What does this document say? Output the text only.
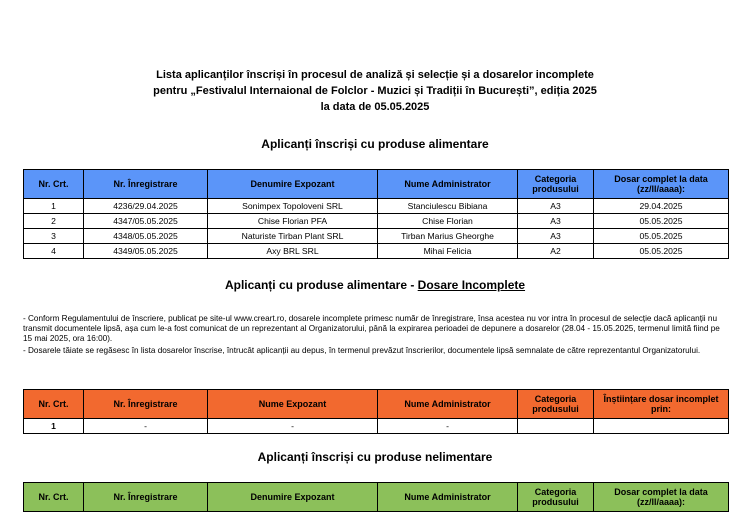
Lista aplicanților înscriși în procesul de analiză și selecție și a dosarelor incomplete
pentru „Festivalul Internaional de Folclor - Muzici și Tradiții în București”, ediția 2025
la data de 05.05.2025
Aplicanți înscriși cu produse alimentare
Nr. Crt.	Nr. Înregistrare	Denumire Expozant	Nume Administrator	Categoria produsului	Dosar complet la data (zz/ll/aaaa):
1	4236/29.04.2025	Sonimpex Topoloveni SRL	Stanciulescu Bibiana	A3	29.04.2025
2	4347/05.05.2025	Chise Florian PFA	Chise Florian	A3	05.05.2025
3	4348/05.05.2025	Naturiste Tirban Plant SRL	Tirban Marius Gheorghe	A3	05.05.2025
4	4349/05.05.2025	Axy BRL SRL	Mihai Felicia	A2	05.05.2025
Aplicanți cu produse alimentare - Dosare Incomplete

- Conform Regulamentului de înscriere, publicat pe site-ul www.creart.ro, dosarele incomplete primesc număr de înregistrare, însa acestea nu vor intra în procesul de selecție dacă aplicanții nu transmit documentele lipsă, așa cum le-a fost comunicat de un reprezentant al Organizatorului, până la expirarea perioadei de depunere a dosarelor (28.04 - 15.05.2025, termenul limită fiind pe 15 mai 2025, ora 16:00).

- Dosarele tăiate se regăsesc în lista dosarelor înscrise, întrucât aplicanții au depus, în termenul prevăzut înscrierilor, documentele lipsă semnalate de către reprezentantul Organizatorului.

Nr. Crt.	Nr. Înregistrare	Nume Expozant	Nume Administrator	Categoria produsului	Înștiințare dosar incomplet prin:
1	-	-	-		
Aplicanți înscriși cu produse nelimentare
Nr. Crt.	Nr. Înregistrare	Denumire Expozant	Nume Administrator	Categoria produsului	Dosar complet la data (zz/ll/aaaa):
